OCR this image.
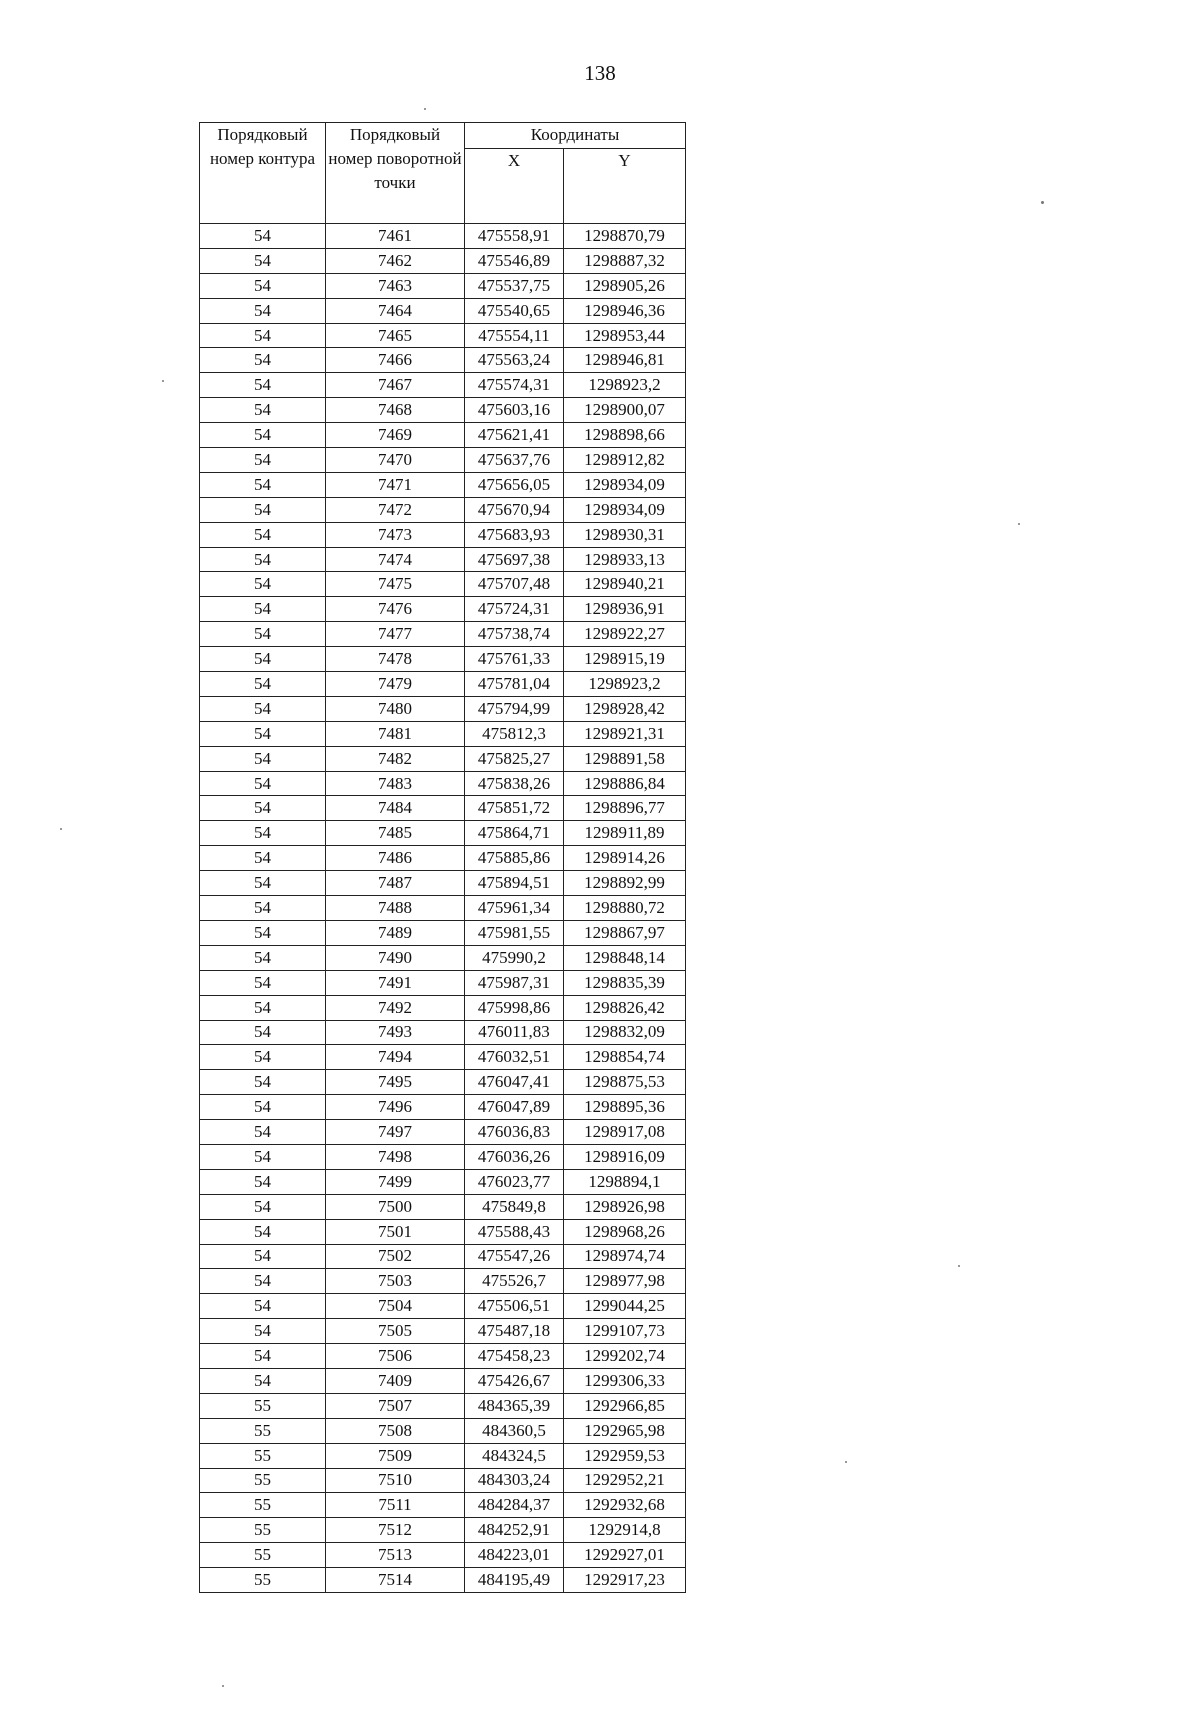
138
Порядковый номер контура	Порядковый номер поворотной точки	Координаты	
		X	Y
54	7461	475558,91	1298870,79
54	7462	475546,89	1298887,32
54	7463	475537,75	1298905,26
54	7464	475540,65	1298946,36
54	7465	475554,11	1298953,44
54	7466	475563,24	1298946,81
54	7467	475574,31	1298923,2
54	7468	475603,16	1298900,07
54	7469	475621,41	1298898,66
54	7470	475637,76	1298912,82
54	7471	475656,05	1298934,09
54	7472	475670,94	1298934,09
54	7473	475683,93	1298930,31
54	7474	475697,38	1298933,13
54	7475	475707,48	1298940,21
54	7476	475724,31	1298936,91
54	7477	475738,74	1298922,27
54	7478	475761,33	1298915,19
54	7479	475781,04	1298923,2
54	7480	475794,99	1298928,42
54	7481	475812,3	1298921,31
54	7482	475825,27	1298891,58
54	7483	475838,26	1298886,84
54	7484	475851,72	1298896,77
54	7485	475864,71	1298911,89
54	7486	475885,86	1298914,26
54	7487	475894,51	1298892,99
54	7488	475961,34	1298880,72
54	7489	475981,55	1298867,97
54	7490	475990,2	1298848,14
54	7491	475987,31	1298835,39
54	7492	475998,86	1298826,42
54	7493	476011,83	1298832,09
54	7494	476032,51	1298854,74
54	7495	476047,41	1298875,53
54	7496	476047,89	1298895,36
54	7497	476036,83	1298917,08
54	7498	476036,26	1298916,09
54	7499	476023,77	1298894,1
54	7500	475849,8	1298926,98
54	7501	475588,43	1298968,26
54	7502	475547,26	1298974,74
54	7503	475526,7	1298977,98
54	7504	475506,51	1299044,25
54	7505	475487,18	1299107,73
54	7506	475458,23	1299202,74
54	7409	475426,67	1299306,33
55	7507	484365,39	1292966,85
55	7508	484360,5	1292965,98
55	7509	484324,5	1292959,53
55	7510	484303,24	1292952,21
55	7511	484284,37	1292932,68
55	7512	484252,91	1292914,8
55	7513	484223,01	1292927,01
55	7514	484195,49	1292917,23
